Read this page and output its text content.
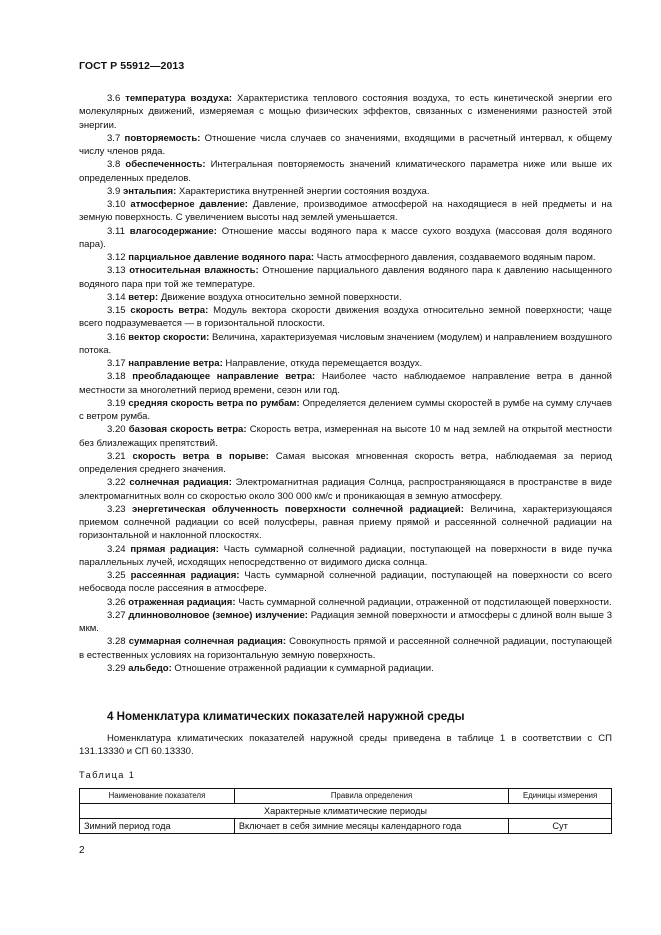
ГОСТ Р 55912—2013

3.6 температура воздуха: Характеристика теплового состояния воздуха, то есть кинетической энергии его молекулярных движений, измеряемая с мощью физических эффектов, связанных с изменениями разностей этой энергии.

3.7 повторяемость: Отношение числа случаев со значениями, входящими в расчетный интервал, к общему числу членов ряда.

3.8 обеспеченность: Интегральная повторяемость значений климатического параметра ниже или выше их определенных пределов.

3.9 энтальпия: Характеристика внутренней энергии состояния воздуха.

3.10 атмосферное давление: Давление, производимое атмосферой на находящиеся в ней предметы и на земную поверхность. С увеличением высоты над землей уменьшается.

3.11 влагосодержание: Отношение массы водяного пара к массе сухого воздуха (массовая доля водяного пара).

3.12 парциальное давление водяного пара: Часть атмосферного давления, создаваемого водяным паром.

3.13 относительная влажность: Отношение парциального давления водяного пара к давлению насыщенного водяного пара при той же температуре.

3.14 ветер: Движение воздуха относительно земной поверхности.

3.15 скорость ветра: Модуль вектора скорости движения воздуха относительно земной поверхности; чаще всего подразумевается — в горизонтальной плоскости.

3.16 вектор скорости: Величина, характеризуемая числовым значением (модулем) и направлением воздушного потока.

3.17 направление ветра: Направление, откуда перемещается воздух.

3.18 преобладающее направление ветра: Наиболее часто наблюдаемое направление ветра в данной местности за многолетний период времени, сезон или год.

3.19 средняя скорость ветра по румбам: Определяется делением суммы скоростей в румбе на сумму случаев с ветром румба.

3.20 базовая скорость ветра: Скорость ветра, измеренная на высоте 10 м над землей на открытой местности без близлежащих препятствий.

3.21 скорость ветра в порыве: Самая высокая мгновенная скорость ветра, наблюдаемая за период определения среднего значения.

3.22 солнечная радиация: Электромагнитная радиация Солнца, распространяющаяся в пространстве в виде электромагнитных волн со скоростью около 300 000 км/с и проникающая в земную атмосферу.

3.23 энергетическая облученность поверхности солнечной радиацией: Величина, характеризующаяся приемом солнечной радиации со всей полусферы, равная приему прямой и рассеянной солнечной радиации на горизонтальной и наклонной плоскостях.

3.24 прямая радиация: Часть суммарной солнечной радиации, поступающей на поверхности в виде пучка параллельных лучей, исходящих непосредственно от видимого диска солнца.

3.25 рассеянная радиация: Часть суммарной солнечной радиации, поступающей на поверхности со всего небосвода после рассеяния в атмосфере.

3.26 отраженная радиация: Часть суммарной солнечной радиации, отраженной от подстилающей поверхности.

3.27 длинноволновое (земное) излучение: Радиация земной поверхности и атмосферы с длиной волн выше 3 мкм.

3.28 суммарная солнечная радиация: Совокупность прямой и рассеянной солнечной радиации, поступающей в естественных условиях на горизонтальную земную поверхность.

3.29 альбедо: Отношение отраженной радиации к суммарной радиации.

4 Номенклатура климатических показателей наружной среды

Номенклатура климатических показателей наружной среды приведена в таблице 1 в соответствии с СП 131.13330 и СП 60.13330.

Таблица 1
Наименование показателя	Правила определения	Единицы измерения
Характерные климатические периоды		
Зимний период года	Включает в себя зимние месяцы календарного года	Сут
2
